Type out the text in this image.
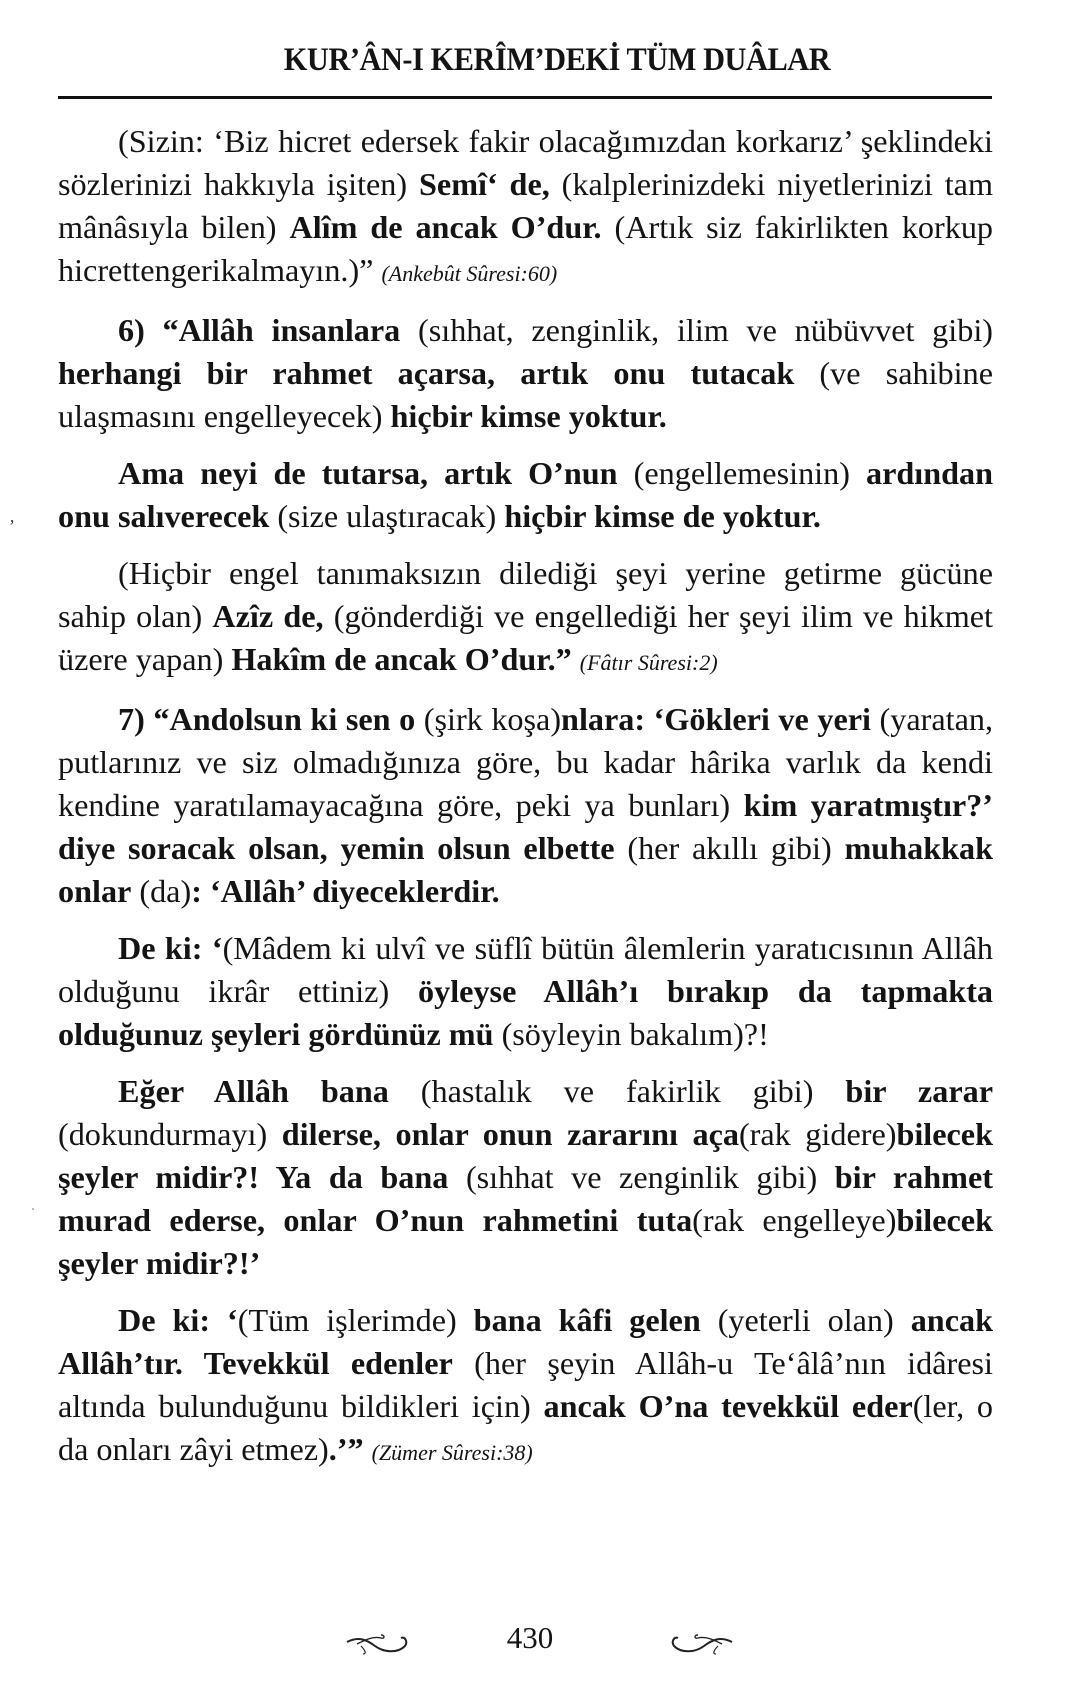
KUR’ÂN-I KERÎM’DEKİ TÜM DUÂLAR
’

(Sizin: ‘Biz hicret edersek fakir olacağımızdan korkarız’ şeklindeki sözlerinizi hakkıyla işiten) Semî‘ de, (kalplerinizdeki niyetlerinizi tam mânâsıyla bilen) Alîm de ancak O’dur. (Artık siz fakirlikten korkup hicrettengerikalmayın.)” (Ankebût Sûresi:60)

6) “Allâh insanlara (sıhhat, zenginlik, ilim ve nübüvvet gibi) herhangi bir rahmet açarsa, artık onu tutacak (ve sahibine ulaşmasını engelleyecek) hiçbir kimse yoktur.

Ama neyi de tutarsa, artık O’nun (engellemesinin) ardından onu salıverecek (size ulaştıracak) hiçbir kimse de yoktur.

(Hiçbir engel tanımaksızın dilediği şeyi yerine getirme gücüne sahip olan) Azîz de, (gönderdiği ve engellediği her şeyi ilim ve hikmet üzere yapan) Hakîm de ancak O’dur.” (Fâtır Sûresi:2)

7) “Andolsun ki sen o (şirk koşa)nlara: ‘Gökleri ve yeri (yaratan, putlarınız ve siz olmadığınıza göre, bu kadar hârika varlık da kendi kendine yaratılamayacağına göre, peki ya bunları) kim yaratmıştır?’ diye soracak olsan, yemin olsun elbette (her akıllı gibi) muhakkak onlar (da): ‘Allâh’ diyeceklerdir.

De ki: ‘(Mâdem ki ulvî ve süflî bütün âlemlerin yaratıcısının Allâh olduğunu ikrâr ettiniz) öyleyse Allâh’ı bırakıp da tapmakta olduğunuz şeyleri gördünüz mü (söyleyin bakalım)?!

Eğer Allâh bana (hastalık ve fakirlik gibi) bir zarar (dokundurmayı) dilerse, onlar onun zararını aça(rak gidere)bilecek şeyler midir?! Ya da bana (sıhhat ve zenginlik gibi) bir rahmet murad ederse, onlar O’nun rahmetini tuta(rak engelleye)bilecek şeyler midir?!’

De ki: ‘(Tüm işlerimde) bana kâfi gelen (yeterli olan) ancak Allâh’tır. Tevekkül edenler (her şeyin Allâh-u Te‘âlâ’nın idâresi altında bulunduğunu bildikleri için) ancak O’na tevekkül eder(ler, o da onları zâyi etmez).’” (Zümer Sûresi:38)

430
